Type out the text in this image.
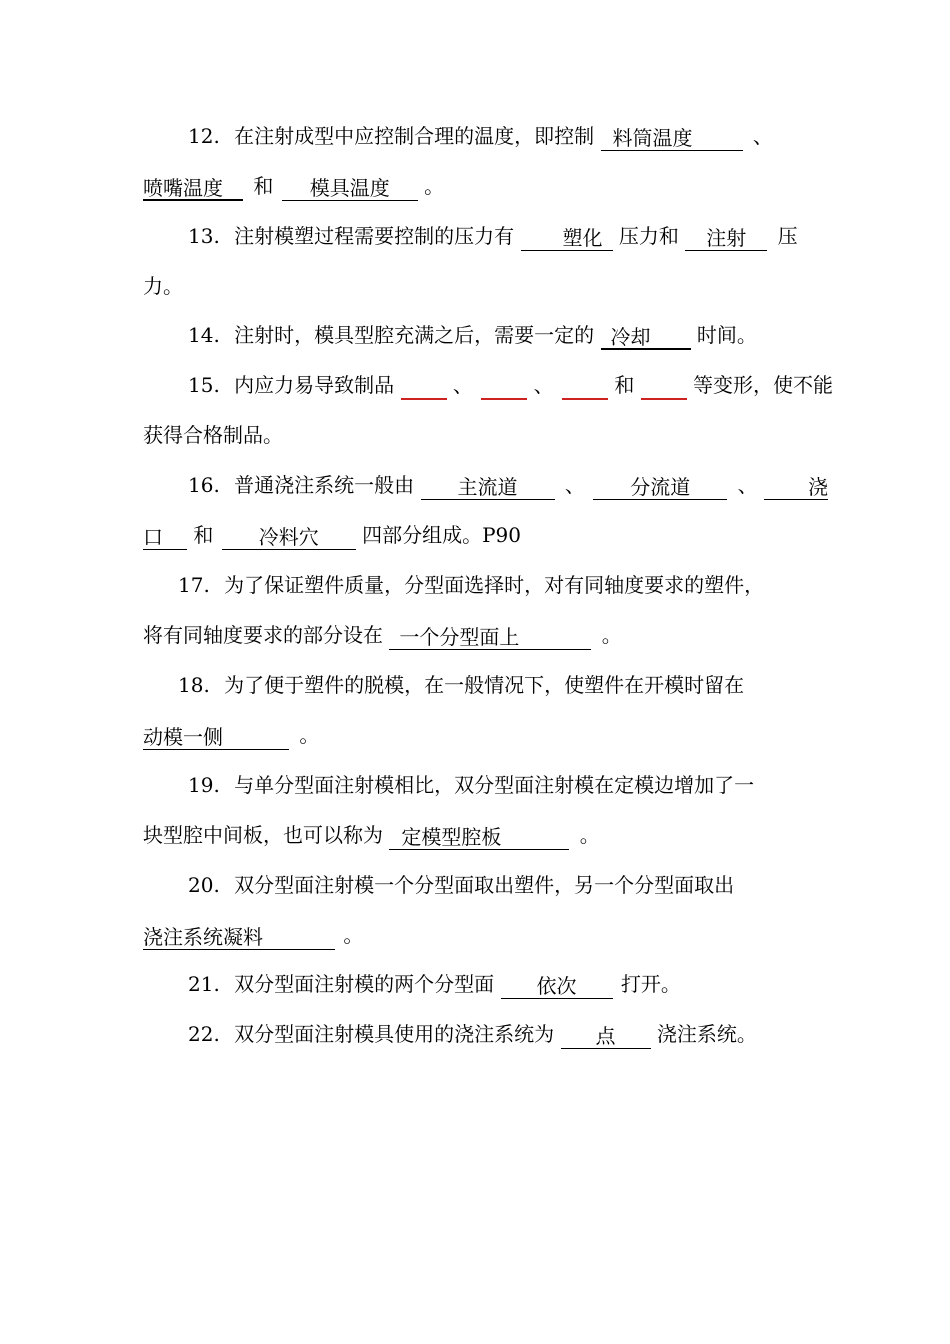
12. 在注射成型中应控制合理的温度，即控制 料筒温度	、
喷嘴温度 和 模具温度 。
13. 注射模塑过程需要控制的压力有 塑化 压力和 注射 压
力。
14. 注射时，模具型腔充满之后，需要一定的 冷却 时间。
15. 内应力易导致制品	、	、	和	等变形，使不能
获得合格制品。
16. 普通浇注系统一般由 主流道 、 分流道 、	浇
口 和 冷料穴 四部分组成。P90
17. 为了保证塑件质量，分型面选择时，对有同轴度要求的塑件，
将有同轴度要求的部分设在 一个分型面上	。
18. 为了便于塑件的脱模，在一般情况下，使塑件在开模时留在
动模一侧	。
19. 与单分型面注射模相比，双分型面注射模在定模边增加了一
块型腔中间板，也可以称为 定模型腔板	。
20. 双分型面注射模一个分型面取出塑件，另一个分型面取出
浇注系统凝料	。
21. 双分型面注射模的两个分型面 依次 打开。
22. 双分型面注射模具使用的浇注系统为 点 浇注系统。
